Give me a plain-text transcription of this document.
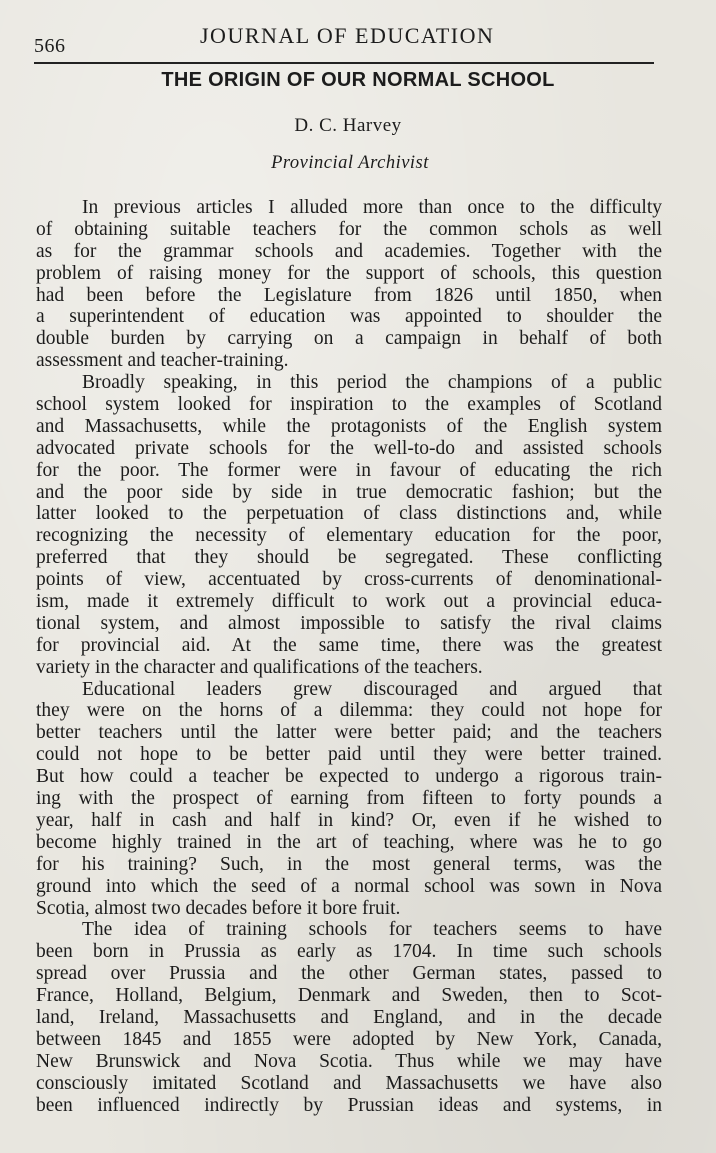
566	JOURNAL OF EDUCATION
THE ORIGIN OF OUR NORMAL SCHOOL
D. C. Harvey
Provincial Archivist
In previous articles I alluded more than once to the difficulty
of obtaining suitable teachers for the common schols as well
as for the grammar schools and academies. Together with the
problem of raising money for the support of schools, this question
had been before the Legislature from 1826 until 1850, when
a superintendent of education was appointed to shoulder the
double burden by carrying on a campaign in behalf of both
assessment and teacher-training.
Broadly speaking, in this period the champions of a public
school system looked for inspiration to the examples of Scotland
and Massachusetts, while the protagonists of the English system
advocated private schools for the well-to-do and assisted schools
for the poor. The former were in favour of educating the rich
and the poor side by side in true democratic fashion; but the
latter looked to the perpetuation of class distinctions and, while
recognizing the necessity of elementary education for the poor,
preferred that they should be segregated. These conflicting
points of view, accentuated by cross-currents of denominational-
ism, made it extremely difficult to work out a provincial educa-
tional system, and almost impossible to satisfy the rival claims
for provincial aid. At the same time, there was the greatest
variety in the character and qualifications of the teachers.
Educational leaders grew discouraged and argued that
they were on the horns of a dilemma: they could not hope for
better teachers until the latter were better paid; and the teachers
could not hope to be better paid until they were better trained.
But how could a teacher be expected to undergo a rigorous train-
ing with the prospect of earning from fifteen to forty pounds a
year, half in cash and half in kind? Or, even if he wished to
become highly trained in the art of teaching, where was he to go
for his training? Such, in the most general terms, was the
ground into which the seed of a normal school was sown in Nova
Scotia, almost two decades before it bore fruit.
The idea of training schools for teachers seems to have
been born in Prussia as early as 1704. In time such schools
spread over Prussia and the other German states, passed to
France, Holland, Belgium, Denmark and Sweden, then to Scot-
land, Ireland, Massachusetts and England, and in the decade
between 1845 and 1855 were adopted by New York, Canada,
New Brunswick and Nova Scotia. Thus while we may have
consciously imitated Scotland and Massachusetts we have also
been influenced indirectly by Prussian ideas and systems, in
